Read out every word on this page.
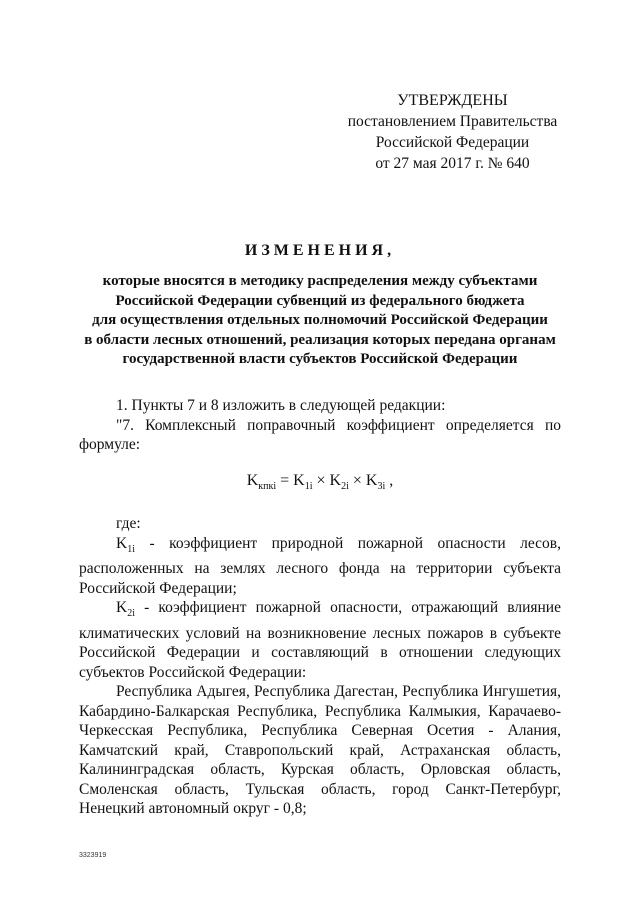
УТВЕРЖДЕНЫ
постановлением Правительства
Российской Федерации
от 27 мая 2017 г. № 640
ИЗМЕНЕНИЯ,
которые вносятся в методику распределения между субъектами
Российской Федерации субвенций из федерального бюджета
для осуществления отдельных полномочий Российской Федерации
в области лесных отношений, реализация которых передана органам
государственной власти субъектов Российской Федерации
1. Пункты 7 и 8 изложить в следующей редакции:
"7. Комплексный поправочный коэффициент определяется по формуле:
$K_{кпкi} = K_{1i} \times K_{2i} \times K_{3i}$ ,
где:
$K_{1i}$ - коэффициент природной пожарной опасности лесов, расположенных на землях лесного фонда на территории субъекта Российской Федерации;
$K_{2i}$ - коэффициент пожарной опасности, отражающий влияние климатических условий на возникновение лесных пожаров в субъекте Российской Федерации и составляющий в отношении следующих субъектов Российской Федерации:
Республика Адыгея, Республика Дагестан, Республика Ингушетия, Кабардино-Балкарская Республика, Республика Калмыкия, Карачаево-Черкесская Республика, Республика Северная Осетия - Алания, Камчатский край, Ставропольский край, Астраханская область, Калининградская область, Курская область, Орловская область, Смоленская область, Тульская область, город Санкт-Петербург, Ненецкий автономный округ - 0,8;
3323919
